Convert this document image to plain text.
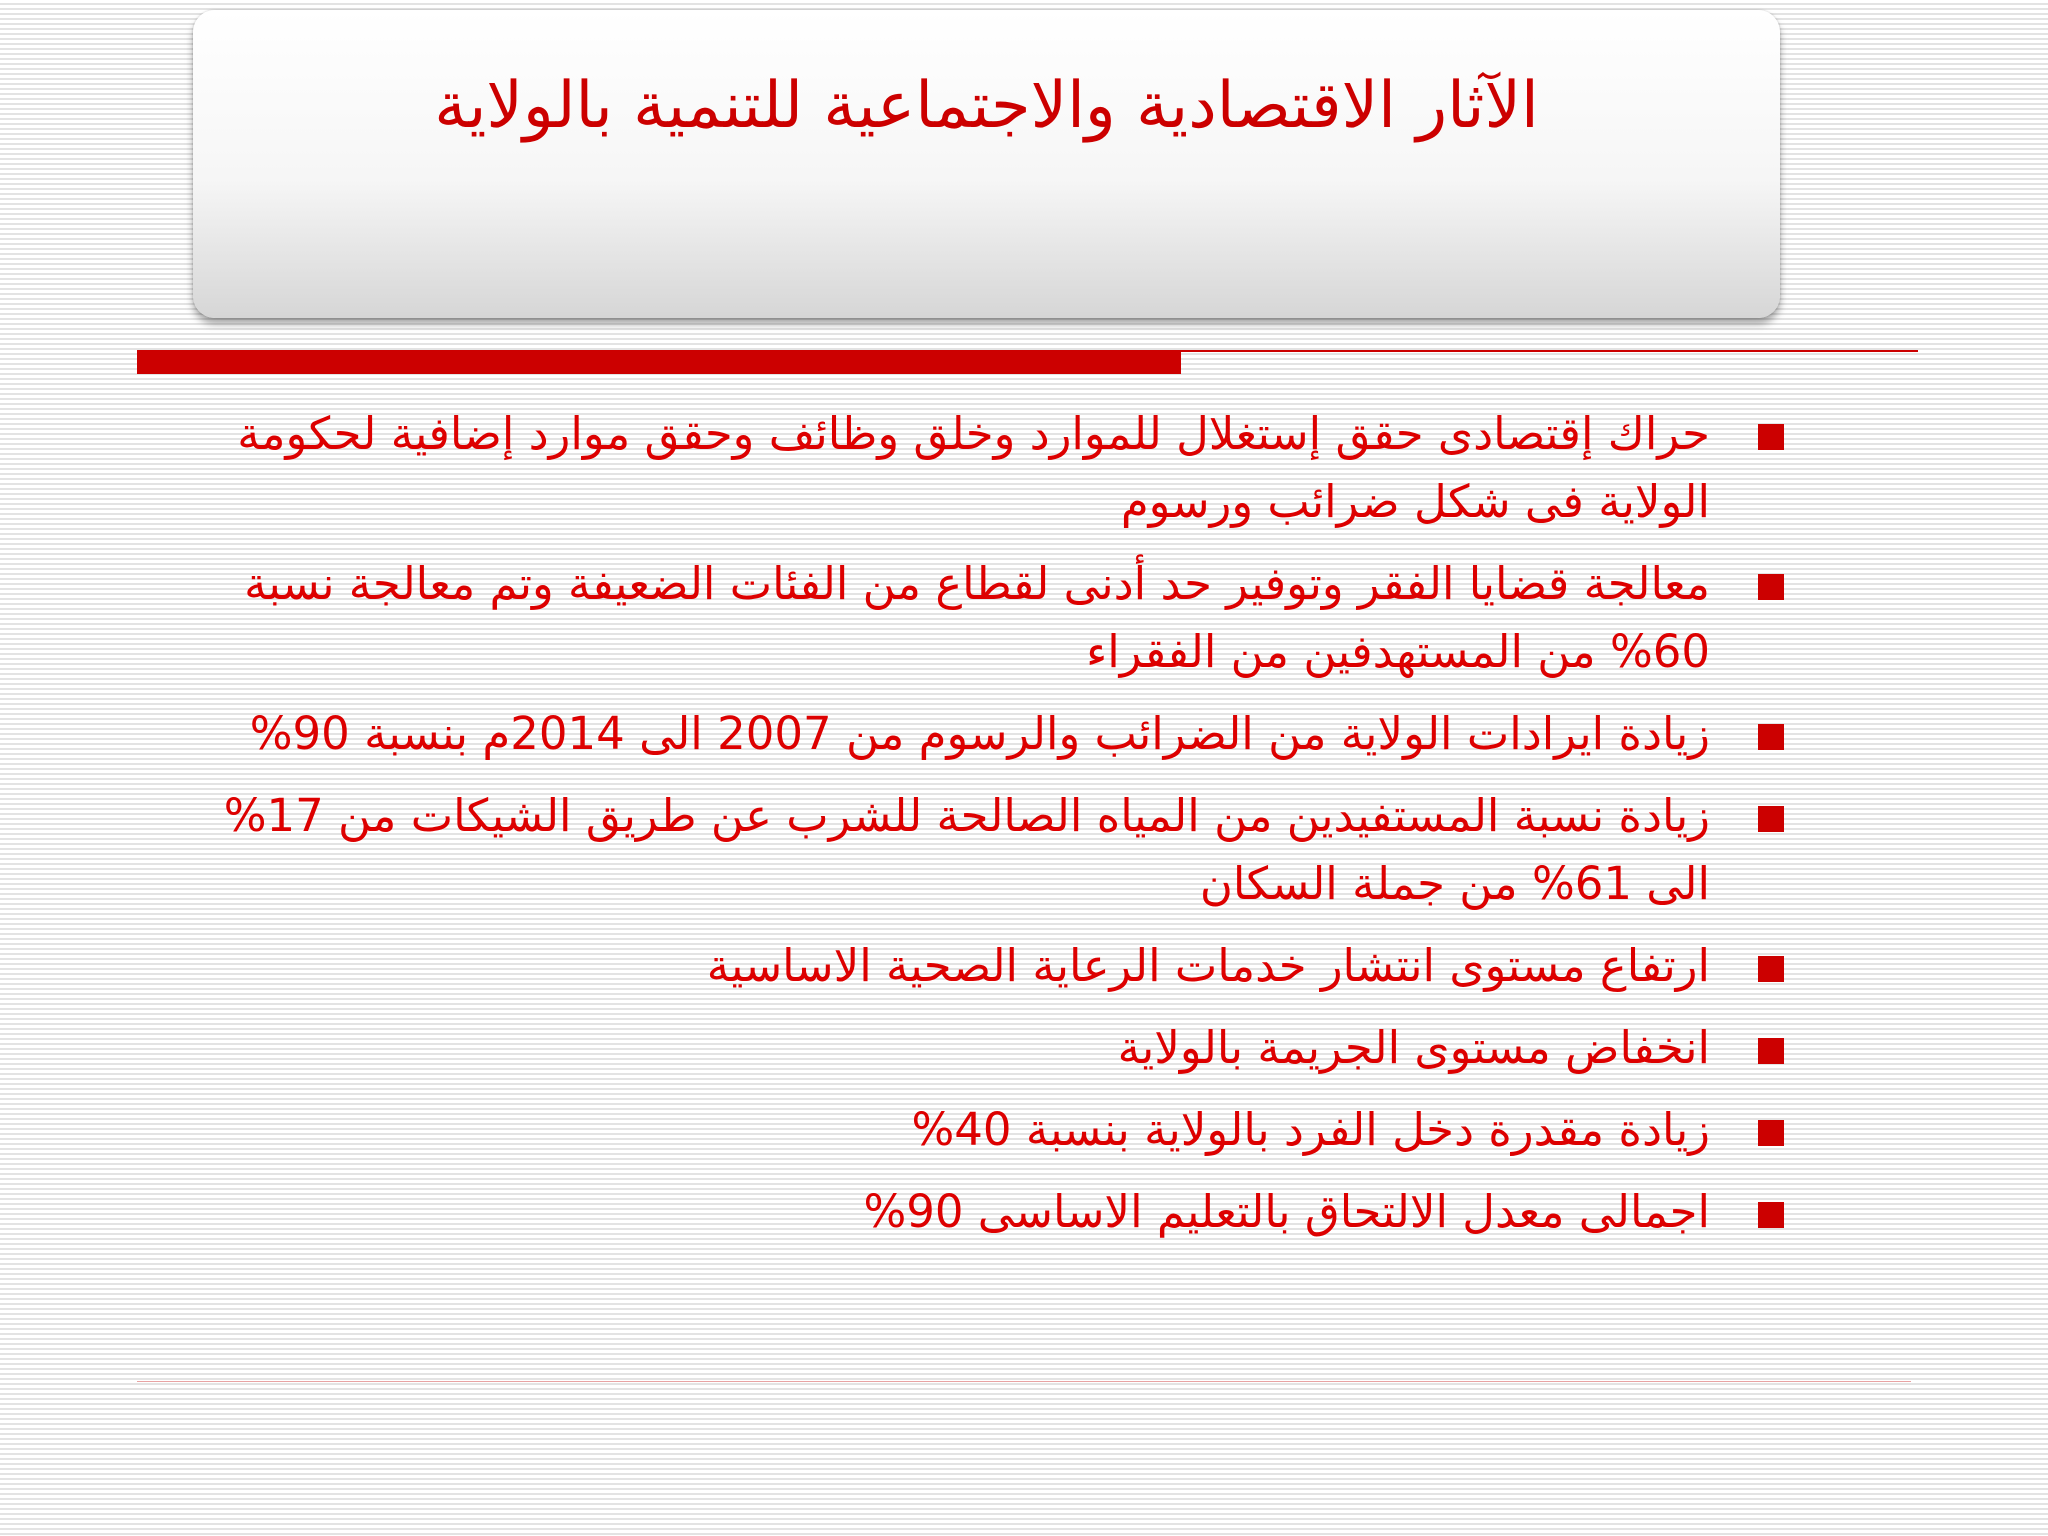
الآثار الاقتصادية والاجتماعية للتنمية بالولاية
حراك إقتصادى حقق إستغلال للموارد وخلق وظائف وحقق موارد إضافية لحكومة الولاية فى شكل ضرائب ورسوم
معالجة قضايا الفقر وتوفير حد أدنى لقطاع من الفئات الضعيفة وتم معالجة نسبة 60% من المستهدفين من الفقراء
زيادة ايرادات الولاية من الضرائب والرسوم من 2007 الى 2014م بنسبة 90%
زيادة نسبة المستفيدين من المياه الصالحة للشرب عن طريق الشيكات من 17% الى 61% من جملة السكان
ارتفاع مستوى انتشار خدمات الرعاية الصحية الاساسية
انخفاض مستوى الجريمة بالولاية
زيادة مقدرة دخل الفرد بالولاية بنسبة 40%
اجمالى معدل الالتحاق بالتعليم الاساسى 90%
